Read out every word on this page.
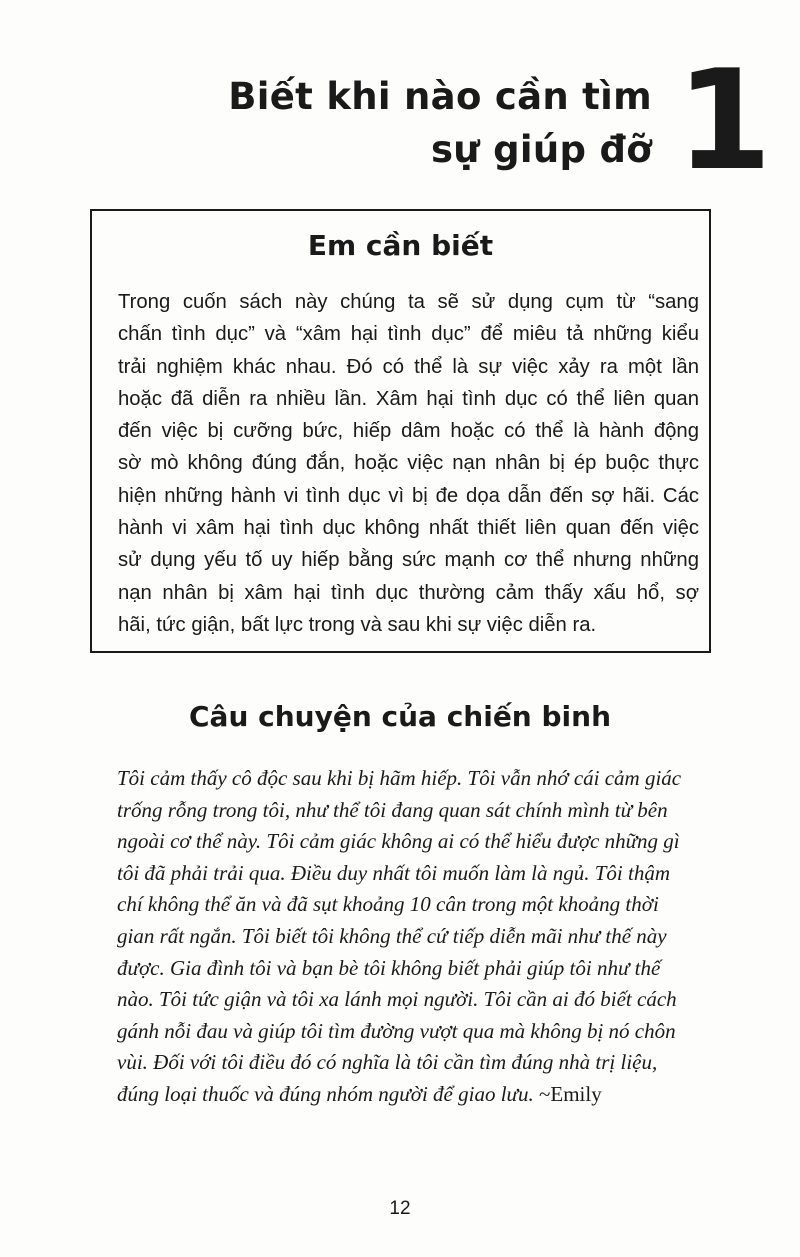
Biết khi nào cần tìm
sự giúp đỡ 1
Em cần biết
Trong cuốn sách này chúng ta sẽ sử dụng cụm từ “sang
chấn tình dục” và “xâm hại tình dục” để miêu tả những kiểu
trải nghiệm khác nhau. Đó có thể là sự việc xảy ra một lần
hoặc đã diễn ra nhiều lần. Xâm hại tình dục có thể liên quan
đến việc bị cưỡng bức, hiếp dâm hoặc có thể là hành động
sờ mò không đúng đắn, hoặc việc nạn nhân bị ép buộc thực
hiện những hành vi tình dục vì bị đe dọa dẫn đến sợ hãi. Các
hành vi xâm hại tình dục không nhất thiết liên quan đến việc
sử dụng yếu tố uy hiếp bằng sức mạnh cơ thể nhưng những
nạn nhân bị xâm hại tình dục thường cảm thấy xấu hổ, sợ
hãi, tức giận, bất lực trong và sau khi sự việc diễn ra.
Câu chuyện của chiến binh
Tôi cảm thấy cô độc sau khi bị hãm hiếp. Tôi vẫn nhớ cái cảm giác
trống rỗng trong tôi, như thể tôi đang quan sát chính mình từ bên
ngoài cơ thể này. Tôi cảm giác không ai có thể hiểu được những gì
tôi đã phải trải qua. Điều duy nhất tôi muốn làm là ngủ. Tôi thậm
chí không thể ăn và đã sụt khoảng 10 cân trong một khoảng thời
gian rất ngắn. Tôi biết tôi không thể cứ tiếp diễn mãi như thế này
được. Gia đình tôi và bạn bè tôi không biết phải giúp tôi như thế
nào. Tôi tức giận và tôi xa lánh mọi người. Tôi cần ai đó biết cách
gánh nỗi đau và giúp tôi tìm đường vượt qua mà không bị nó chôn
vùi. Đối với tôi điều đó có nghĩa là tôi cần tìm đúng nhà trị liệu,
đúng loại thuốc và đúng nhóm người để giao lưu. ~Emily
12
